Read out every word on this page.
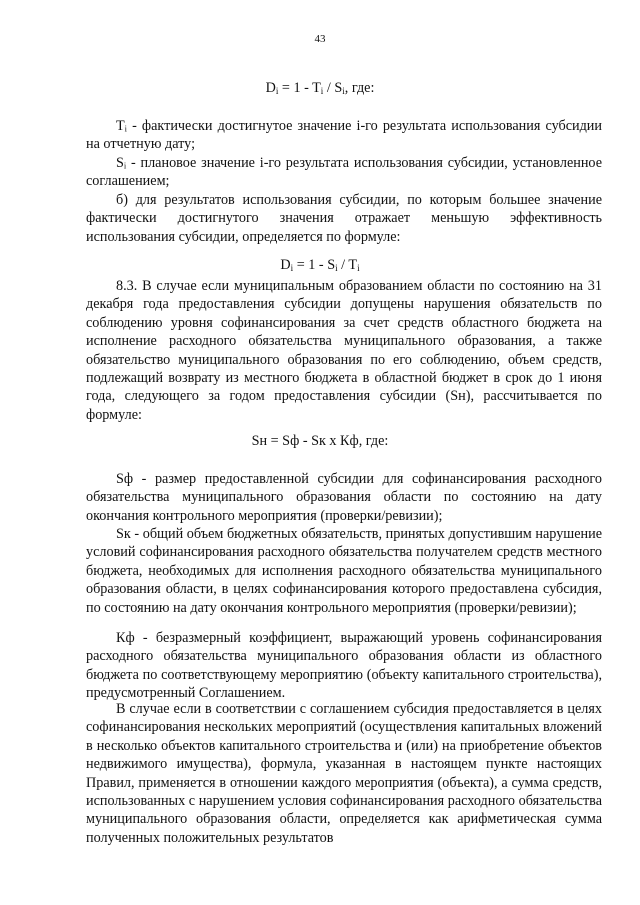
43
$D_i = 1 - T_i / S_i$, где:

Tᵢ - фактически достигнутое значение i-го результата использования субсидии на отчетную дату;

Sᵢ - плановое значение i-го результата использования субсидии, установленное соглашением;

б) для результатов использования субсидии, по которым большее значение фактически достигнутого значения отражает меньшую эффективность использования субсидии, определяется по формуле:

$D_i = 1 - S_i / T_i$

8.3. В случае если муниципальным образованием области по состоянию на 31 декабря года предоставления субсидии допущены нарушения обязательств по соблюдению уровня софинансирования за счет средств областного бюджета на исполнение расходного обязательства муниципального образования, а также обязательство муниципального образования по его соблюдению, объем средств, подлежащий возврату из местного бюджета в областной бюджет в срок до 1 июня года, следующего за годом предоставления субсидии (Sн), рассчитывается по формуле:

Sн = Sф - Sк х Кф, где:

Sф - размер предоставленной субсидии для софинансирования расходного обязательства муниципального образования области по состоянию на дату окончания контрольного мероприятия (проверки/ревизии);

Sк - общий объем бюджетных обязательств, принятых допустившим нарушение условий софинансирования расходного обязательства получателем средств местного бюджета, необходимых для исполнения расходного обязательства муниципального образования области, в целях софинансирования которого предоставлена субсидия, по состоянию на дату окончания контрольного мероприятия (проверки/ревизии);

Кф - безразмерный коэффициент, выражающий уровень софинансирования расходного обязательства муниципального образования области из областного бюджета по соответствующему мероприятию (объекту капитального строительства), предусмотренный Соглашением.

В случае если в соответствии с соглашением субсидия предоставляется в целях софинансирования нескольких мероприятий (осуществления капитальных вложений в несколько объектов капитального строительства и (или) на приобретение объектов недвижимого имущества), формула, указанная в настоящем пункте настоящих Правил, применяется в отношении каждого мероприятия (объекта), а сумма средств, использованных с нарушением условия софинансирования расходного обязательства муниципального образования области, определяется как арифметическая сумма полученных положительных результатов
